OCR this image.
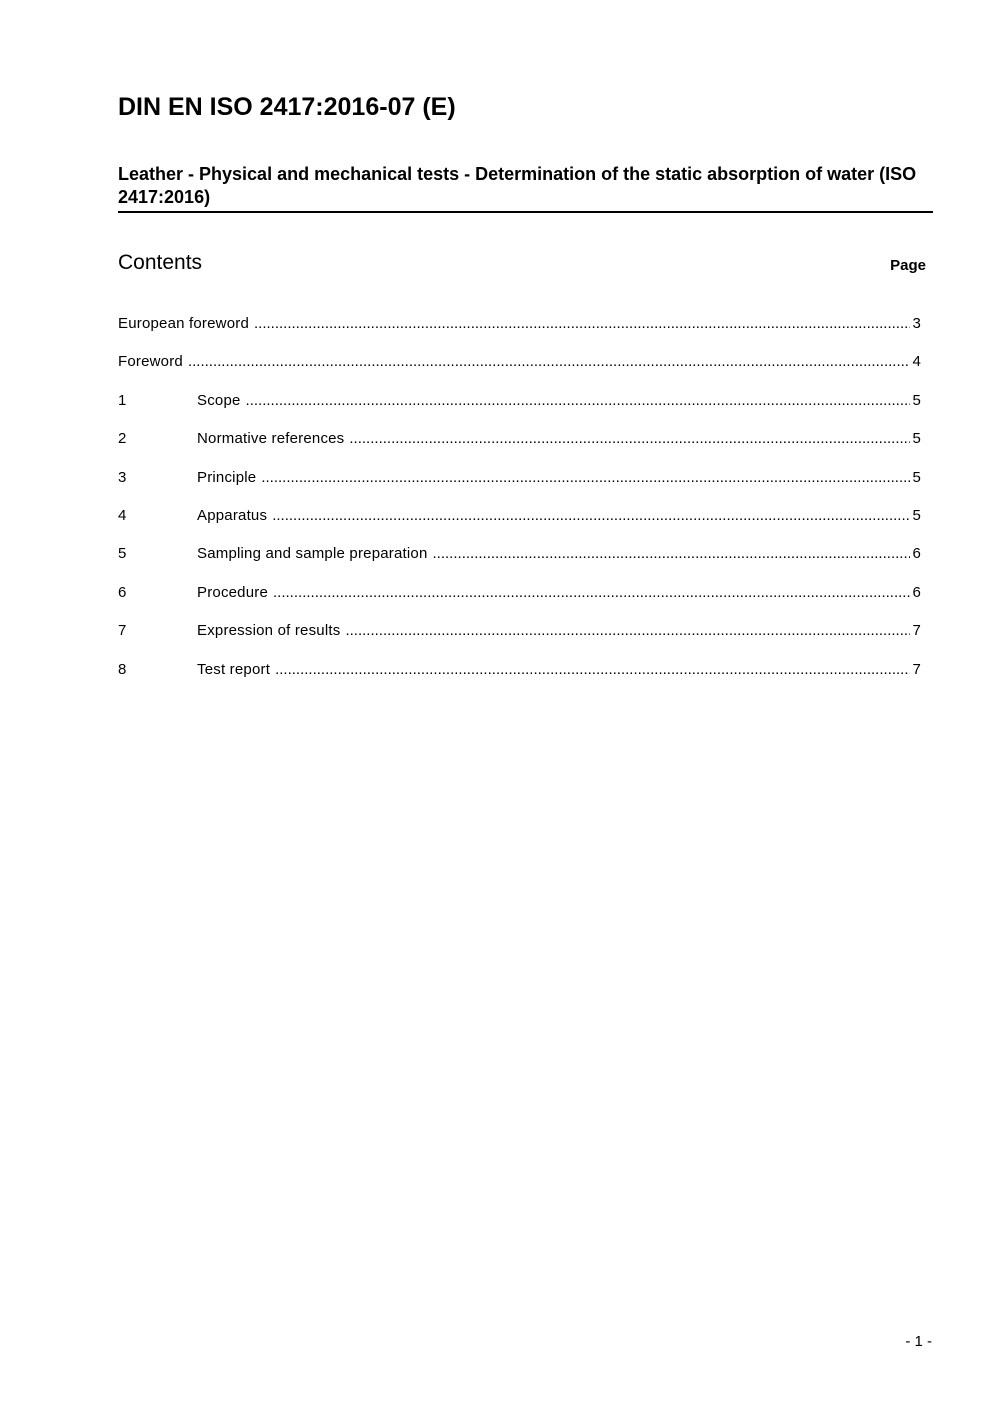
DIN EN ISO 2417:2016-07 (E)
Leather - Physical and mechanical tests - Determination of the static absorption of water (ISO 2417:2016)
Contents	Page
European foreword .....	3
Foreword .....	4
1	Scope .....	5
2	Normative references .....	5
3	Principle .....	5
4	Apparatus .....	5
5	Sampling and sample preparation .....	6
6	Procedure .....	6
7	Expression of results .....	7
8	Test report .....	7
- 1 -
